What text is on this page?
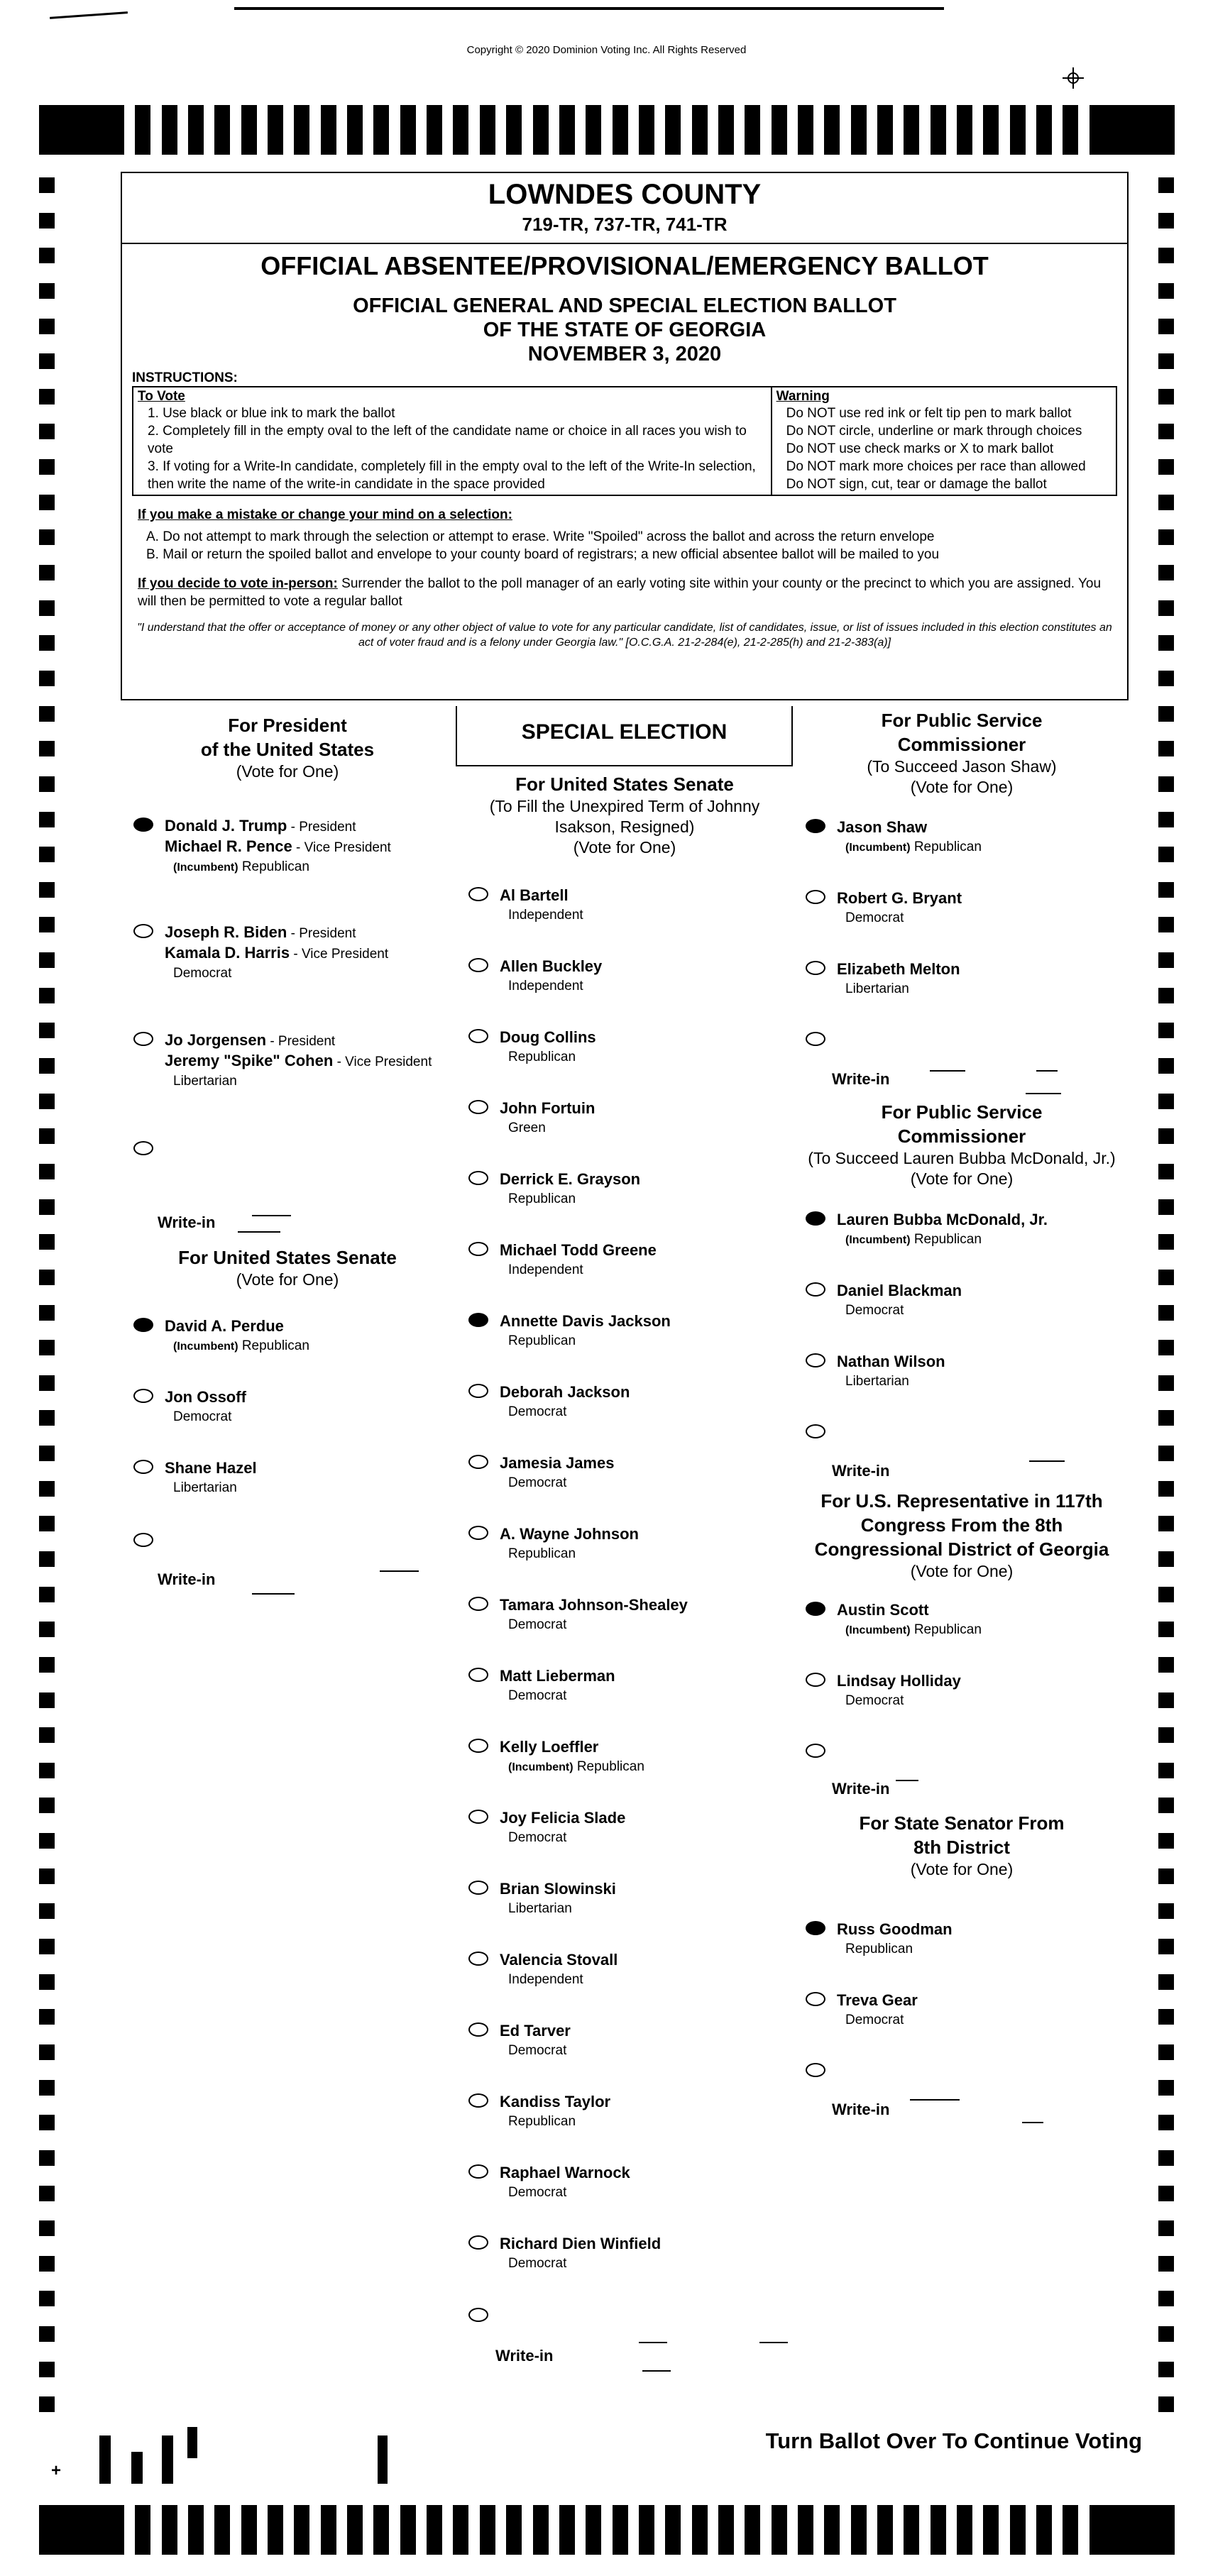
Copyright © 2020 Dominion Voting Inc. All Rights Reserved
LOWNDES COUNTY
719-TR, 737-TR, 741-TR
OFFICIAL ABSENTEE/PROVISIONAL/EMERGENCY BALLOT
OFFICIAL GENERAL AND SPECIAL ELECTION BALLOT
OF THE STATE OF GEORGIA
NOVEMBER 3, 2020
INSTRUCTIONS:
To Vote

1. Use black or blue ink to mark the ballot

2. Completely fill in the empty oval to the left of the candidate name or choice in all races you wish to vote

3. If voting for a Write-In candidate, completely fill in the empty oval to the left of the Write-In selection, then write the name of the write-in candidate in the space provided

Warning

Do NOT use red ink or felt tip pen to mark ballot

Do NOT circle, underline or mark through choices

Do NOT use check marks or X to mark ballot

Do NOT mark more choices per race than allowed

Do NOT sign, cut, tear or damage the ballot

If you make a mistake or change your mind on a selection:
A. Do not attempt to mark through the selection or attempt to erase. Write "Spoiled" across the ballot and across the return envelope
B. Mail or return the spoiled ballot and envelope to your county board of registrars; a new official absentee ballot will be mailed to you
If you decide to vote in-person: Surrender the ballot to the poll manager of an early voting site within your county or the precinct to which you are assigned. You will then be permitted to vote a regular ballot
"I understand that the offer or acceptance of money or any other object of value to vote for any particular candidate, list of candidates, issue, or list of issues included in this election constitutes an act of voter fraud and is a felony under Georgia law." [O.C.G.A. 21-2-284(e), 21-2-285(h) and 21-2-383(a)]
SPECIAL ELECTION
For President
of the United States
(Vote for One)
Donald J. Trump - President
Michael R. Pence - Vice President
(Incumbent) Republican
Joseph R. Biden - President
Kamala D. Harris - Vice President
Democrat
Jo Jorgensen - President
Jeremy "Spike" Cohen - Vice President
Libertarian
Write-in
For United States Senate
(Vote for One)
David A. Perdue
(Incumbent) Republican
Jon Ossoff
Democrat
Shane Hazel
Libertarian
Write-in
For United States Senate
(To Fill the Unexpired Term of Johnny
Isakson, Resigned)
(Vote for One)
Al Bartell
Independent
Allen Buckley
Independent
Doug Collins
Republican
John Fortuin
Green
Derrick E. Grayson
Republican
Michael Todd Greene
Independent
Annette Davis Jackson
Republican
Deborah Jackson
Democrat
Jamesia James
Democrat
A. Wayne Johnson
Republican
Tamara Johnson-Shealey
Democrat
Matt Lieberman
Democrat
Kelly Loeffler
(Incumbent) Republican
Joy Felicia Slade
Democrat
Brian Slowinski
Libertarian
Valencia Stovall
Independent
Ed Tarver
Democrat
Kandiss Taylor
Republican
Raphael Warnock
Democrat
Richard Dien Winfield
Democrat
Write-in
For Public Service
Commissioner
(To Succeed Jason Shaw)
(Vote for One)
Jason Shaw
(Incumbent) Republican
Robert G. Bryant
Democrat
Elizabeth Melton
Libertarian
Write-in
For Public Service
Commissioner
(To Succeed Lauren Bubba McDonald, Jr.)
(Vote for One)
Lauren Bubba McDonald, Jr.
(Incumbent) Republican
Daniel Blackman
Democrat
Nathan Wilson
Libertarian
Write-in
For U.S. Representative in 117th
Congress From the 8th
Congressional District of Georgia
(Vote for One)
Austin Scott
(Incumbent) Republican
Lindsay Holliday
Democrat
Write-in
For State Senator From
8th District
(Vote for One)
Russ Goodman
Republican
Treva Gear
Democrat
Write-in
Turn Ballot Over To Continue Voting
+
